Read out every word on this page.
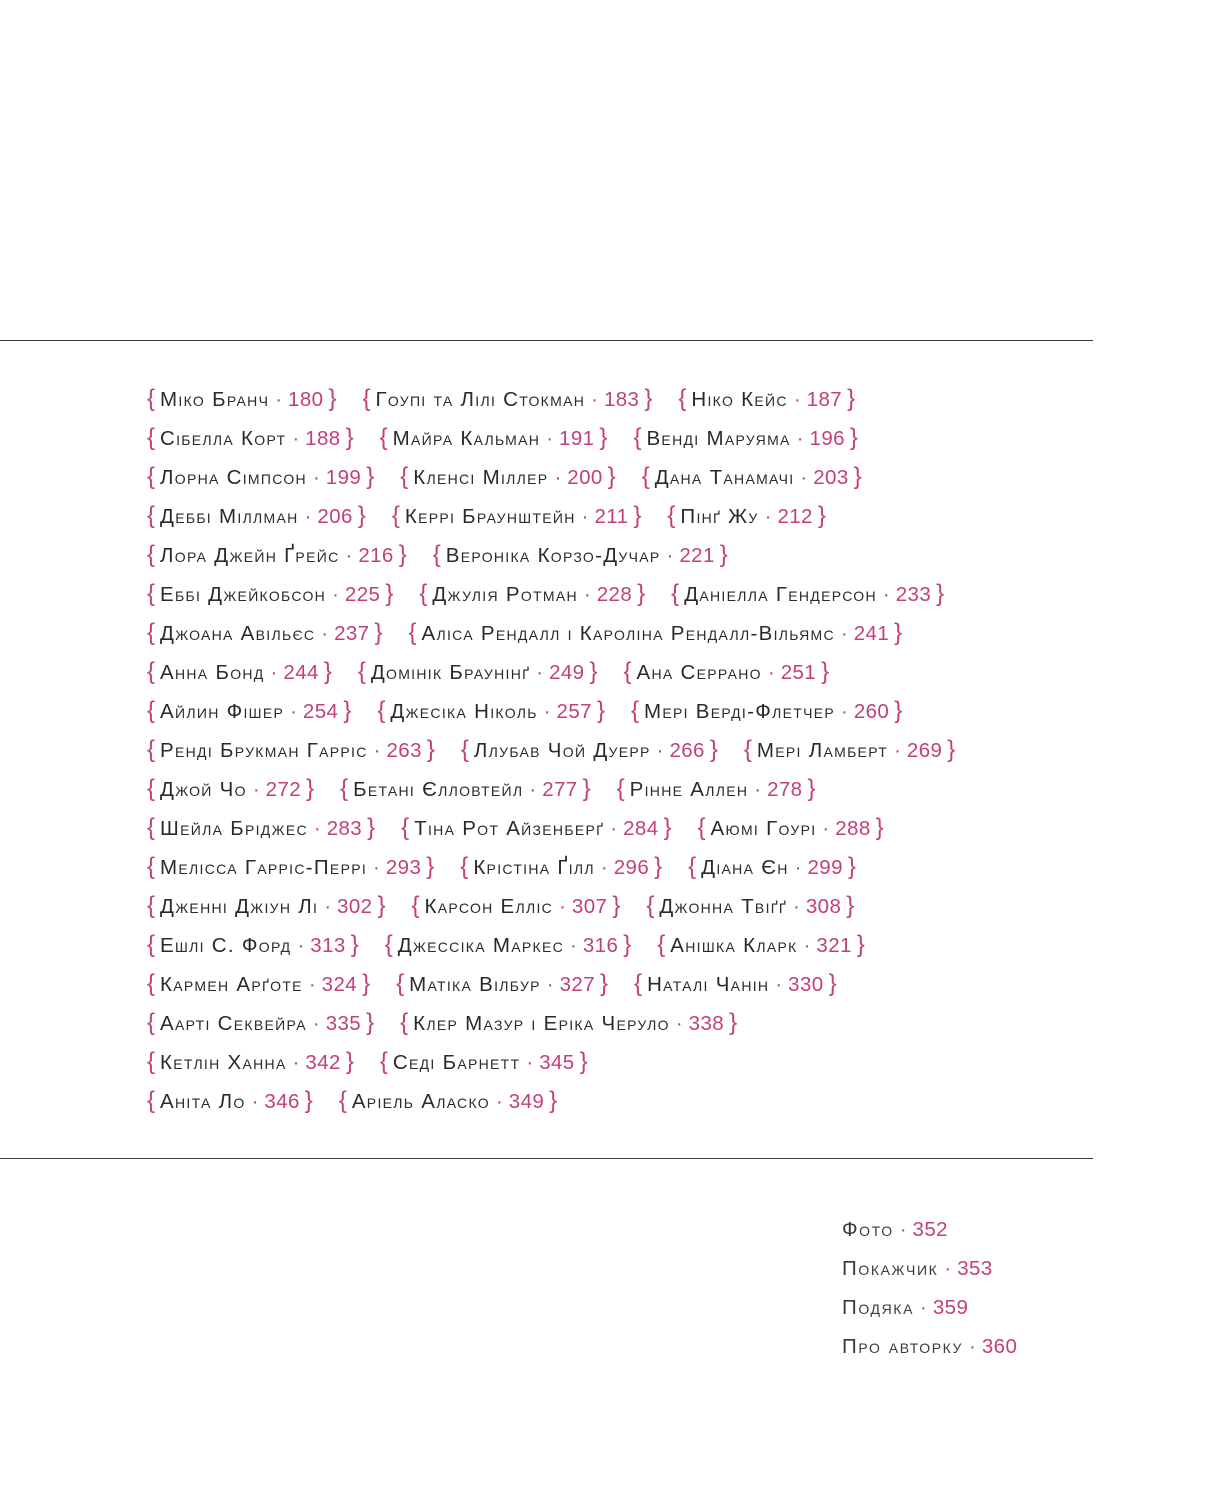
{ Міко Бранч · 180 } { Гоупі та Лілі Стокман · 183 } { Ніко Кейс · 187 }
{ Сібелла Корт · 188 } { Майра Кальман · 191 } { Венді Маруяма · 196 }
{ Лорна Сімпсон · 199 } { Кленсі Міллер · 200 } { Дана Танамачі · 203 }
{ Деббі Міллман · 206 } { Керрі Браунштейн · 211 } { Пінґ Жу · 212 }
{ Лора Джейн Ґрейс · 216 } { Вероніка Корзо-Дучар · 221 }
{ Еббі Джейкобсон · 225 } { Джулія Ротман · 228 } { Даніелла Гендерсон · 233 }
{ Джоана Авільєс · 237 } { Аліса Рендалл і Кароліна Рендалл-Вільямс · 241 }
{ Анна Бонд · 244 } { Домінік Браунінґ · 249 } { Ана Серрано · 251 }
{ Айлин Фішер · 254 } { Джесіка Ніколь · 257 } { Мері Верді-Флетчер · 260 }
{ Ренді Брукман Гарріс · 263 } { Ллубав Чой Дуерр · 266 } { Мері Ламберт · 269 }
{ Джой Чо · 272 } { Бетані Єлловтейл · 277 } { Рінне Аллен · 278 }
{ Шейла Бріджес · 283 } { Тіна Рот Айзенберґ · 284 } { Аюмі Гоурі · 288 }
{ Мелісса Гарріс-Перрі · 293 } { Крістіна Ґілл · 296 } { Діана Єн · 299 }
{ Дженні Джіун Лі · 302 } { Карсон Елліс · 307 } { Джонна Твіґґ · 308 }
{ Ешлі С. Форд · 313 } { Джессіка Маркес · 316 } { Анішка Кларк · 321 }
{ Кармен Арґоте · 324 } { Матіка Вілбур · 327 } { Наталі Чанін · 330 }
{ Аарті Секвейра · 335 } { Клер Мазур і Еріка Черуло · 338 }
{ Кетлін Ханна · 342 } { Седі Барнетт · 345 }
{ Аніта Ло · 346 } { Аріель Аласко · 349 }
Фото · 352
Покажчик · 353
Подяка · 359
Про авторку · 360
